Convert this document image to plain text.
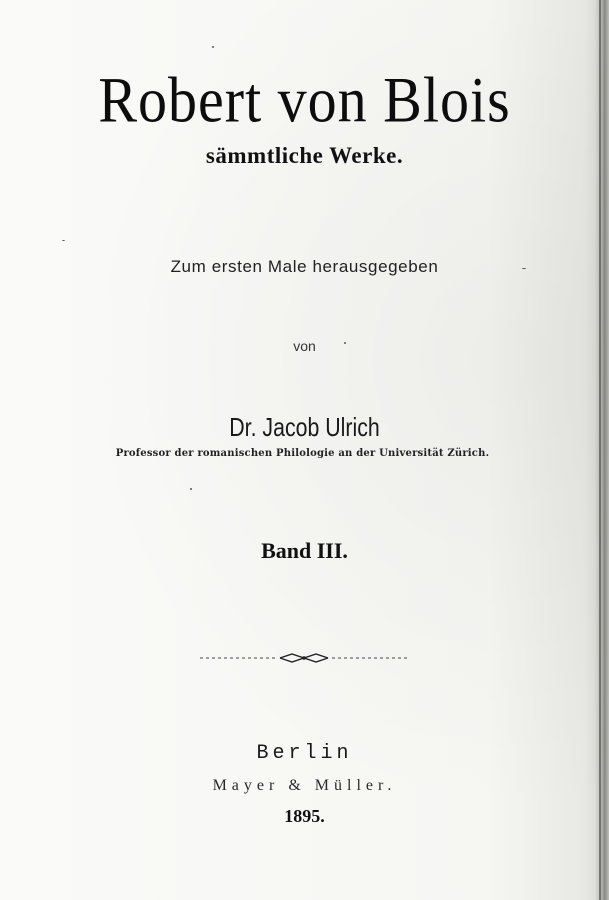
Robert von Blois
sämmtliche Werke.
Zum ersten Male herausgegeben
von
Dr. Jacob Ulrich
Professor der romanischen Philologie an der Universität Zürich.
Band III.
Berlin
Mayer & Müller.
1895.
